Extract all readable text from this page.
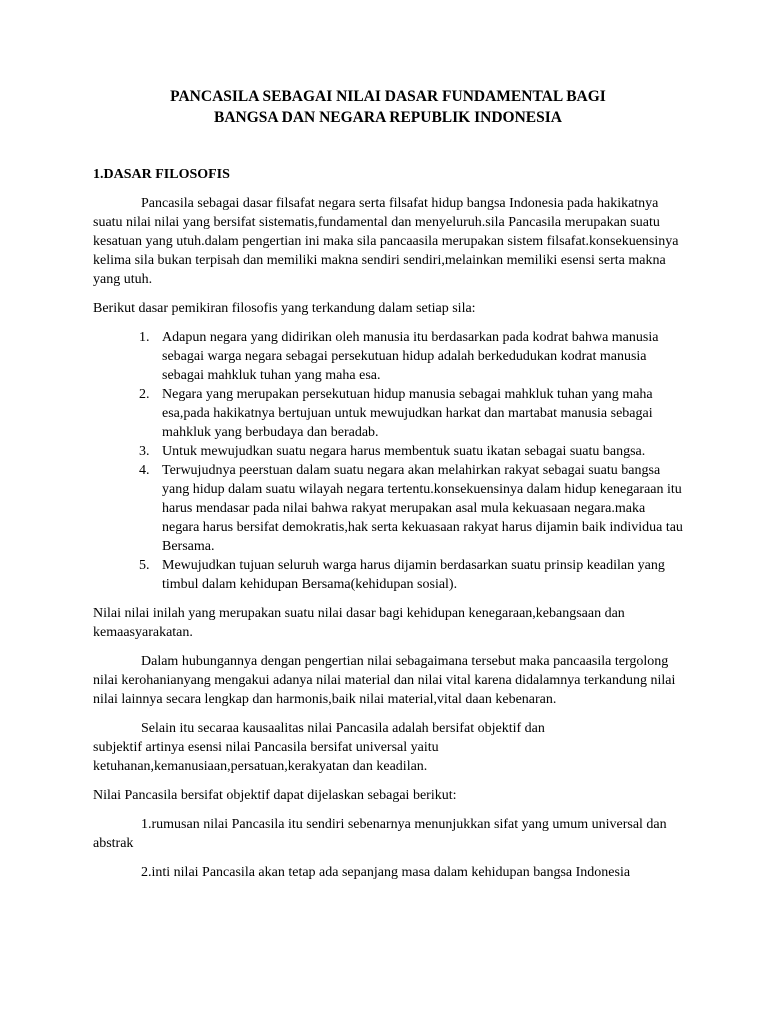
PANCASILA SEBAGAI NILAI DASAR FUNDAMENTAL BAGI
BANGSA DAN NEGARA REPUBLIK INDONESIA
1.DASAR FILOSOFIS

Pancasila sebagai dasar filsafat negara serta filsafat hidup bangsa Indonesia pada hakikatnya suatu nilai nilai yang bersifat sistematis,fundamental dan menyeluruh.sila Pancasila merupakan suatu kesatuan yang utuh.dalam pengertian ini maka sila pancaasila merupakan sistem filsafat.konsekuensinya kelima sila bukan terpisah dan memiliki makna sendiri sendiri,melainkan memiliki esensi serta makna yang utuh.

Berikut dasar pemikiran filosofis yang terkandung dalam setiap sila:

1. Adapun negara yang didirikan oleh manusia itu berdasarkan pada kodrat bahwa manusia sebagai warga negara sebagai persekutuan hidup adalah berkedudukan kodrat manusia sebagai mahkluk tuhan yang maha esa.
2. Negara yang merupakan persekutuan hidup manusia sebagai mahkluk tuhan yang maha esa,pada hakikatnya bertujuan untuk mewujudkan harkat dan martabat manusia sebagai mahkluk yang berbudaya dan beradab.
3. Untuk mewujudkan suatu negara harus membentuk suatu ikatan sebagai suatu bangsa.
4. Terwujudnya peerstuan dalam suatu negara akan melahirkan rakyat sebagai suatu bangsa yang hidup dalam suatu wilayah negara tertentu.konsekuensinya dalam hidup kenegaraan itu harus mendasar pada nilai bahwa rakyat merupakan asal mula kekuasaan negara.maka negara harus bersifat demokratis,hak serta kekuasaan rakyat harus dijamin baik individua tau Bersama.
5. Mewujudkan tujuan seluruh warga harus dijamin berdasarkan suatu prinsip keadilan yang timbul dalam kehidupan Bersama(kehidupan sosial).

Nilai nilai inilah yang merupakan suatu nilai dasar bagi kehidupan kenegaraan,kebangsaan dan kemaasyarakatan.

Dalam hubungannya dengan pengertian nilai sebagaimana tersebut maka pancaasila tergolong nilai kerohanianyang mengakui adanya nilai material dan nilai vital karena didalamnya terkandung nilai nilai lainnya secara lengkap dan harmonis,baik nilai material,vital daan kebenaran.

Selain itu secaraa kausaalitas nilai Pancasila adalah bersifat objektif dan
subjektif artinya esensi nilai Pancasila bersifat universal yaitu
ketuhanan,kemanusiaan,persatuan,kerakyatan dan keadilan.

Nilai Pancasila bersifat objektif dapat dijelaskan sebagai berikut:

1.rumusan nilai Pancasila itu sendiri sebenarnya menunjukkan sifat yang umum universal dan abstrak

2.inti nilai Pancasila akan tetap ada sepanjang masa dalam kehidupan bangsa Indonesia
